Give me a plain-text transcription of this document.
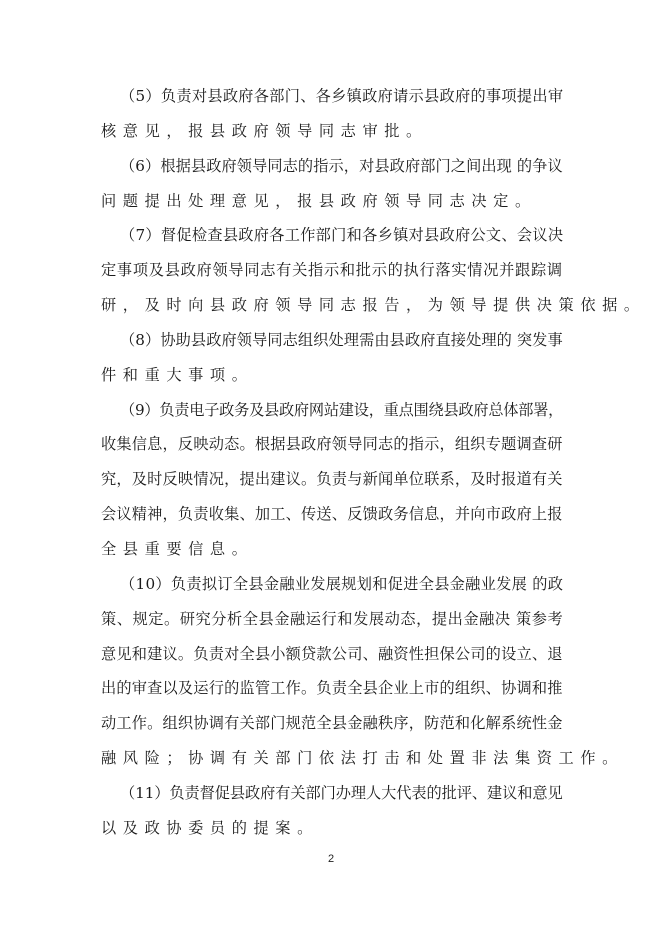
（5）负责对县政府各部门、各乡镇政府请示县政府的事项提出审
核意见，报县政府领导同志审批。

（6）根据县政府领导同志的指示，对县政府部门之间出现 的争议
问题提出处理意见，报县政府领导同志决定。

（7）督促检查县政府各工作部门和各乡镇对县政府公文、会议决
定事项及县政府领导同志有关指示和批示的执行落实情况并跟踪调
研，及时向县政府领导同志报告，为领导提供决策依据。

（8）协助县政府领导同志组织处理需由县政府直接处理的 突发事
件和重大事项。

（9）负责电子政务及县政府网站建设，重点围绕县政府总体部署，
收集信息，反映动态。根据县政府领导同志的指示，组织专题调查研
究，及时反映情况，提出建议。负责与新闻单位联系，及时报道有关
会议精神，负责收集、加工、传送、反馈政务信息，并向市政府上报
全县重要信息。

（10）负责拟订全县金融业发展规划和促进全县金融业发展 的政
策、规定。研究分析全县金融运行和发展动态，提出金融决 策参考
意见和建议。负责对全县小额贷款公司、融资性担保公司的设立、退
出的审查以及运行的监管工作。负责全县企业上市的组织、协调和推
动工作。组织协调有关部门规范全县金融秩序，防范和化解系统性金
融风险；协调有关部门依法打击和处置非法集资工作。

（11）负责督促县政府有关部门办理人大代表的批评、建议和意见
以及政协委员的提案。

2
